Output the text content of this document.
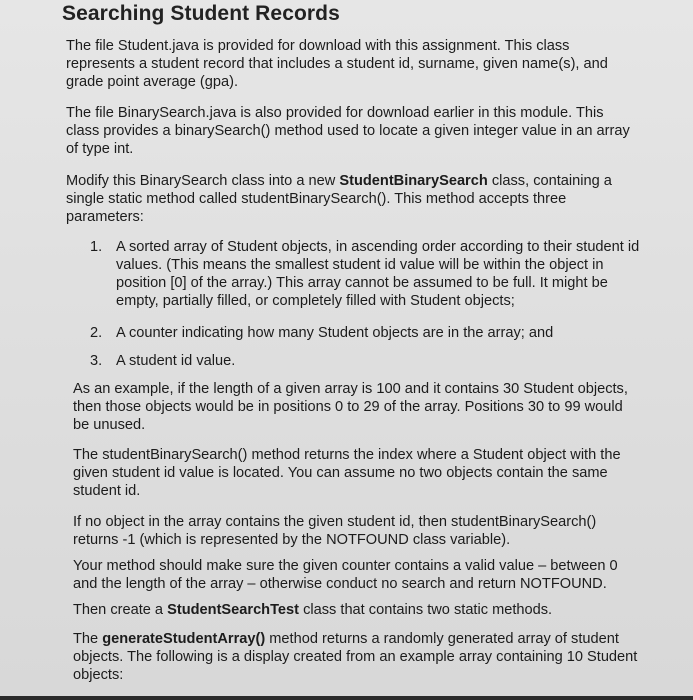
Searching Student Records

The file Student.java is provided for download with this assignment. This class
represents a student record that includes a student id, surname, given name(s), and
grade point average (gpa).

The file BinarySearch.java is also provided for download earlier in this module. This
class provides a binarySearch() method used to locate a given integer value in an array
of type int.

Modify this BinarySearch class into a new StudentBinarySearch class, containing a
single static method called studentBinarySearch(). This method accepts three
parameters:

1. A sorted array of Student objects, in ascending order according to their student id
values. (This means the smallest student id value will be within the object in
position [0] of the array.) This array cannot be assumed to be full. It might be
empty, partially filled, or completely filled with Student objects;
2. A counter indicating how many Student objects are in the array; and
3. A student id value.

As an example, if the length of a given array is 100 and it contains 30 Student objects,
then those objects would be in positions 0 to 29 of the array. Positions 30 to 99 would
be unused.

The studentBinarySearch() method returns the index where a Student object with the
given student id value is located. You can assume no two objects contain the same
student id.

If no object in the array contains the given student id, then studentBinarySearch()
returns -1 (which is represented by the NOTFOUND class variable).

Your method should make sure the given counter contains a valid value – between 0
and the length of the array – otherwise conduct no search and return NOTFOUND.

Then create a StudentSearchTest class that contains two static methods.

The generateStudentArray() method returns a randomly generated array of student
objects. The following is a display created from an example array containing 10 Student
objects:
